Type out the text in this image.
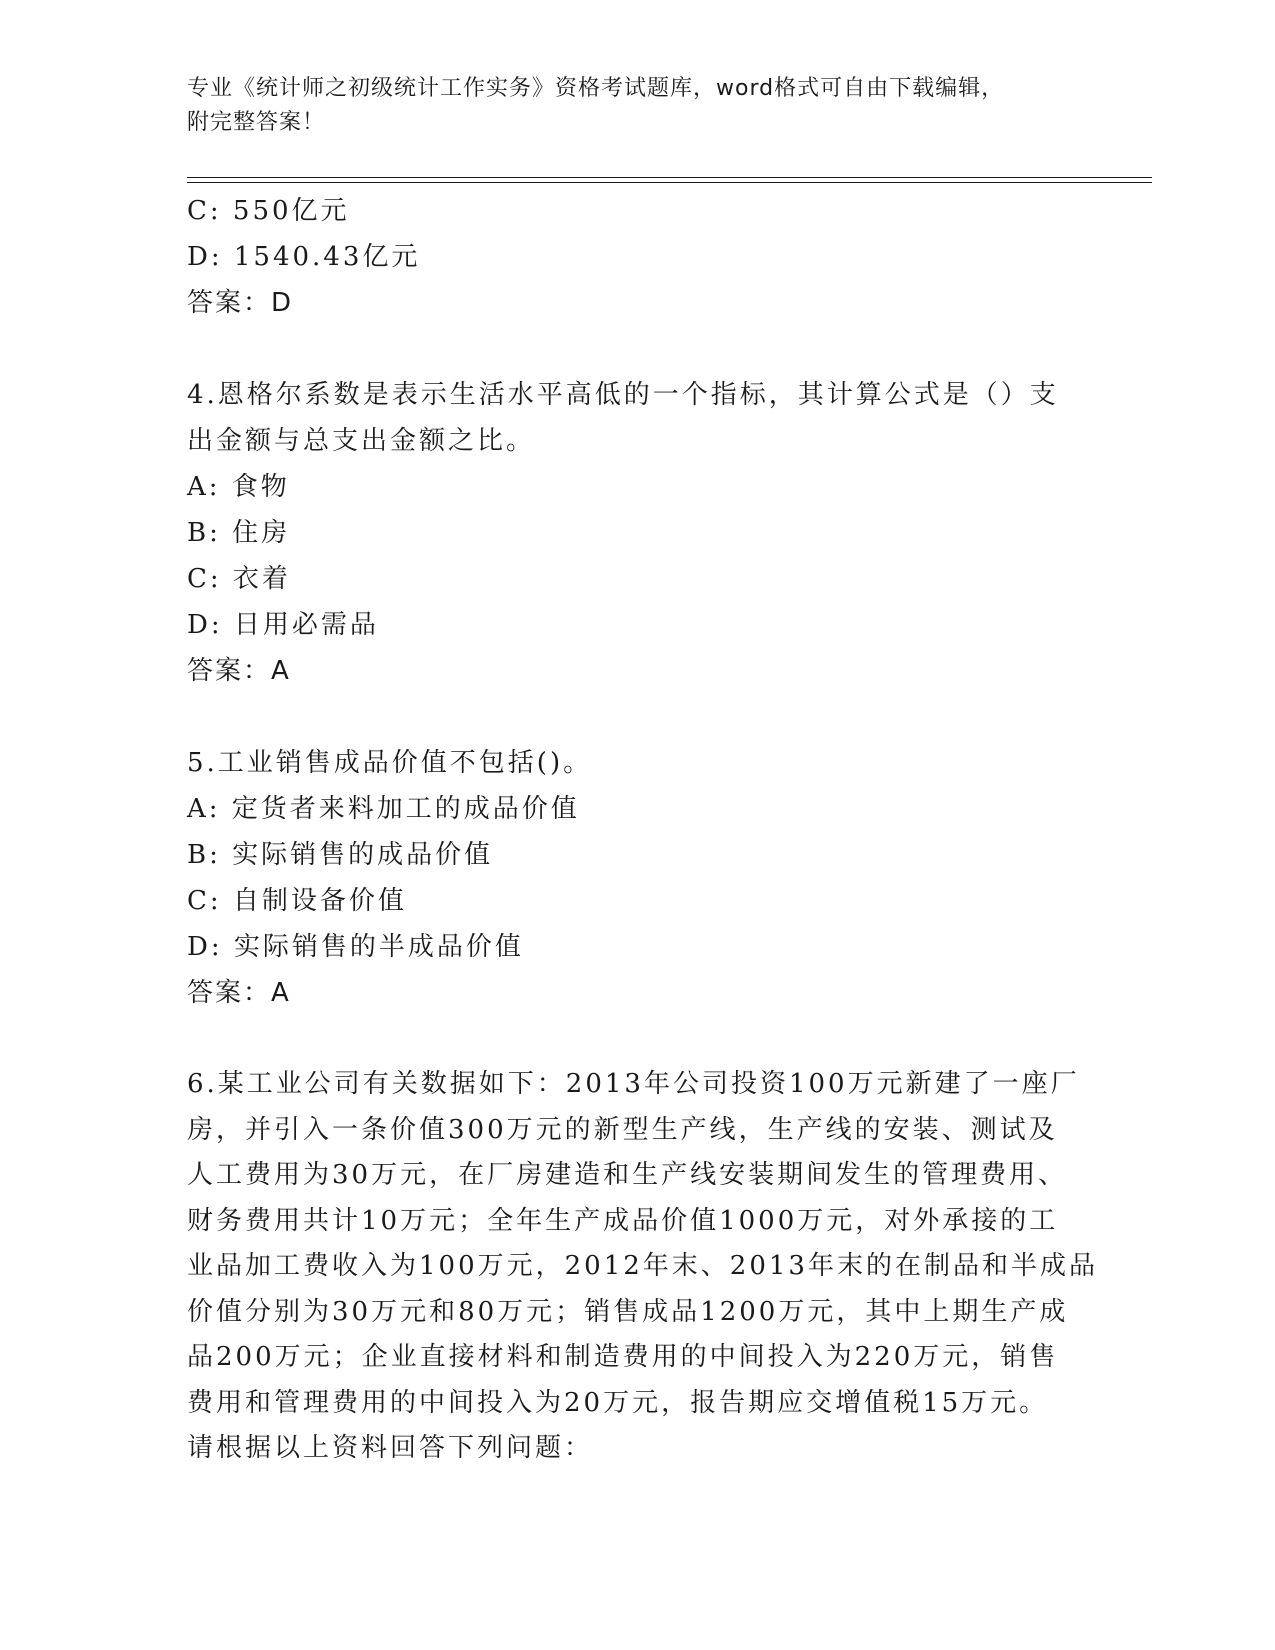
专业《统计师之初级统计工作实务》资格考试题库，word格式可自由下载编辑，
附完整答案！
C: 550亿元
D: 1540.43亿元
答案：D
4.恩格尔系数是表示生活水平高低的一个指标，其计算公式是（）支
出金额与总支出金额之比。
A: 食物
B: 住房
C: 衣着
D: 日用必需品
答案：A
5.工业销售成品价值不包括()。
A: 定货者来料加工的成品价值
B: 实际销售的成品价值
C: 自制设备价值
D: 实际销售的半成品价值
答案：A
6.某工业公司有关数据如下：2013年公司投资100万元新建了一座厂
房，并引入一条价值300万元的新型生产线，生产线的安装、测试及
人工费用为30万元，在厂房建造和生产线安装期间发生的管理费用、
财务费用共计10万元；全年生产成品价值1000万元，对外承接的工
业品加工费收入为100万元，2012年末、2013年末的在制品和半成品
价值分别为30万元和80万元；销售成品1200万元，其中上期生产成
品200万元；企业直接材料和制造费用的中间投入为220万元，销售
费用和管理费用的中间投入为20万元，报告期应交增值税15万元。
请根据以上资料回答下列问题：
